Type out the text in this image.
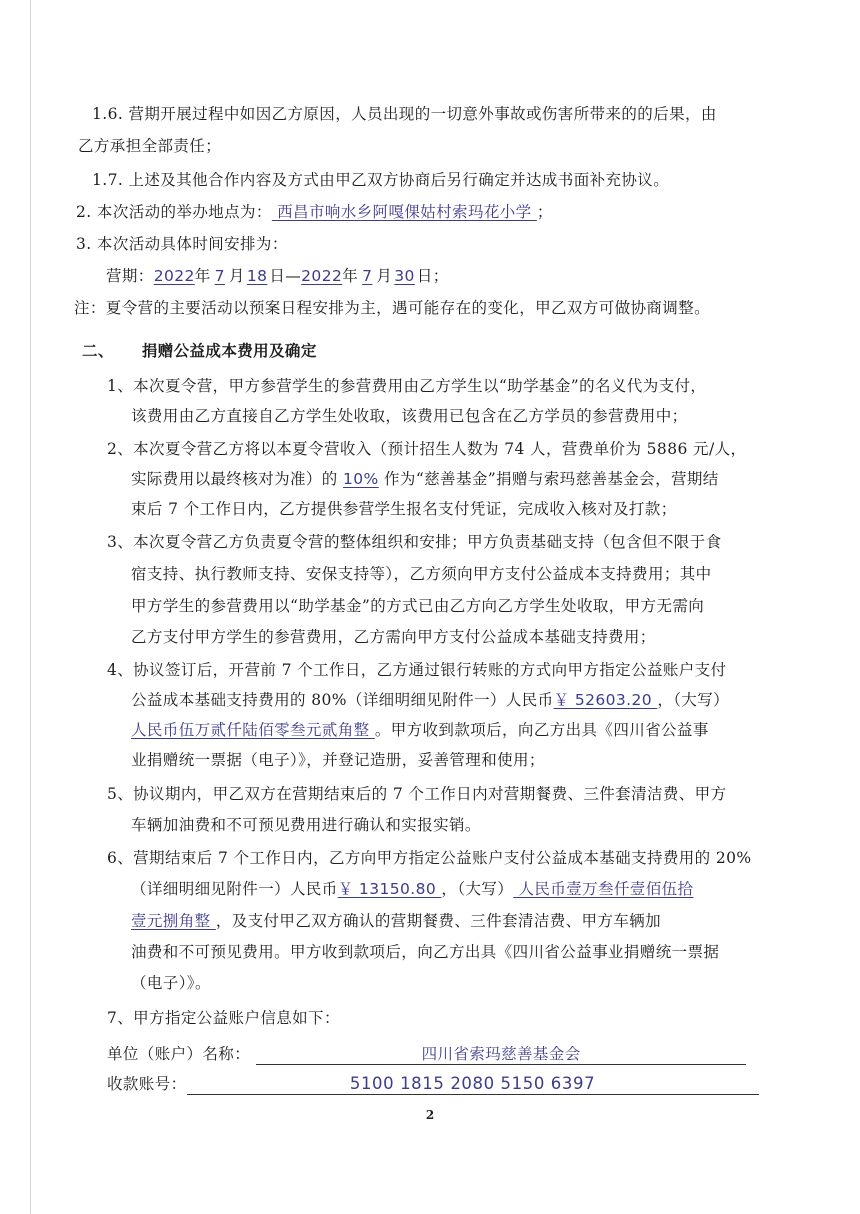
1.6. 营期开展过程中如因乙方原因，人员出现的一切意外事故或伤害所带来的的后果，由
乙方承担全部责任；
1.7. 上述及其他合作内容及方式由甲乙双方协商后另行确定并达成书面补充协议。
2. 本次活动的举办地点为： 西昌市响水乡阿嘎倮姑村索玛花小学 ；
3. 本次活动具体时间安排为：
营期：2022年 7 月 18 日—2022年 7 月 30 日；
注：夏令营的主要活动以预案日程安排为主，遇可能存在的变化，甲乙双方可做协商调整。
二、 捐赠公益成本费用及确定
1、本次夏令营，甲方参营学生的参营费用由乙方学生以“助学基金”的名义代为支付，
该费用由乙方直接自乙方学生处收取，该费用已包含在乙方学员的参营费用中；
2、本次夏令营乙方将以本夏令营收入（预计招生人数为 74 人，营费单价为 5886 元/人，
实际费用以最终核对为准）的 10% 作为“慈善基金”捐赠与索玛慈善基金会，营期结
束后 7 个工作日内，乙方提供参营学生报名支付凭证，完成收入核对及打款；
3、本次夏令营乙方负责夏令营的整体组织和安排；甲方负责基础支持（包含但不限于食
宿支持、执行教师支持、安保支持等），乙方须向甲方支付公益成本支持费用；其中
甲方学生的参营费用以“助学基金”的方式已由乙方向乙方学生处收取，甲方无需向
乙方支付甲方学生的参营费用，乙方需向甲方支付公益成本基础支持费用；
4、协议签订后，开营前 7 个工作日，乙方通过银行转账的方式向甲方指定公益账户支付
公益成本基础支持费用的 80%（详细明细见附件一）人民币￥ 52603.20 ，（大写）
人民币伍万贰仟陆佰零叁元贰角整 。甲方收到款项后，向乙方出具《四川省公益事
业捐赠统一票据（电子）》，并登记造册，妥善管理和使用；
5、协议期内，甲乙双方在营期结束后的 7 个工作日内对营期餐费、三件套清洁费、甲方
车辆加油费和不可预见费用进行确认和实报实销。
6、营期结束后 7 个工作日内，乙方向甲方指定公益账户支付公益成本基础支持费用的 20%
（详细明细见附件一）人民币￥ 13150.80 ，（大写） 人民币壹万叁仟壹佰伍拾
壹元捌角整 ，及支付甲乙双方确认的营期餐费、三件套清洁费、甲方车辆加
油费和不可预见费用。甲方收到款项后，向乙方出具《四川省公益事业捐赠统一票据
（电子）》。
7、甲方指定公益账户信息如下：
单位（账户）名称：	四川省索玛慈善基金会
收款账号：	5100 1815 2080 5150 6397
2
